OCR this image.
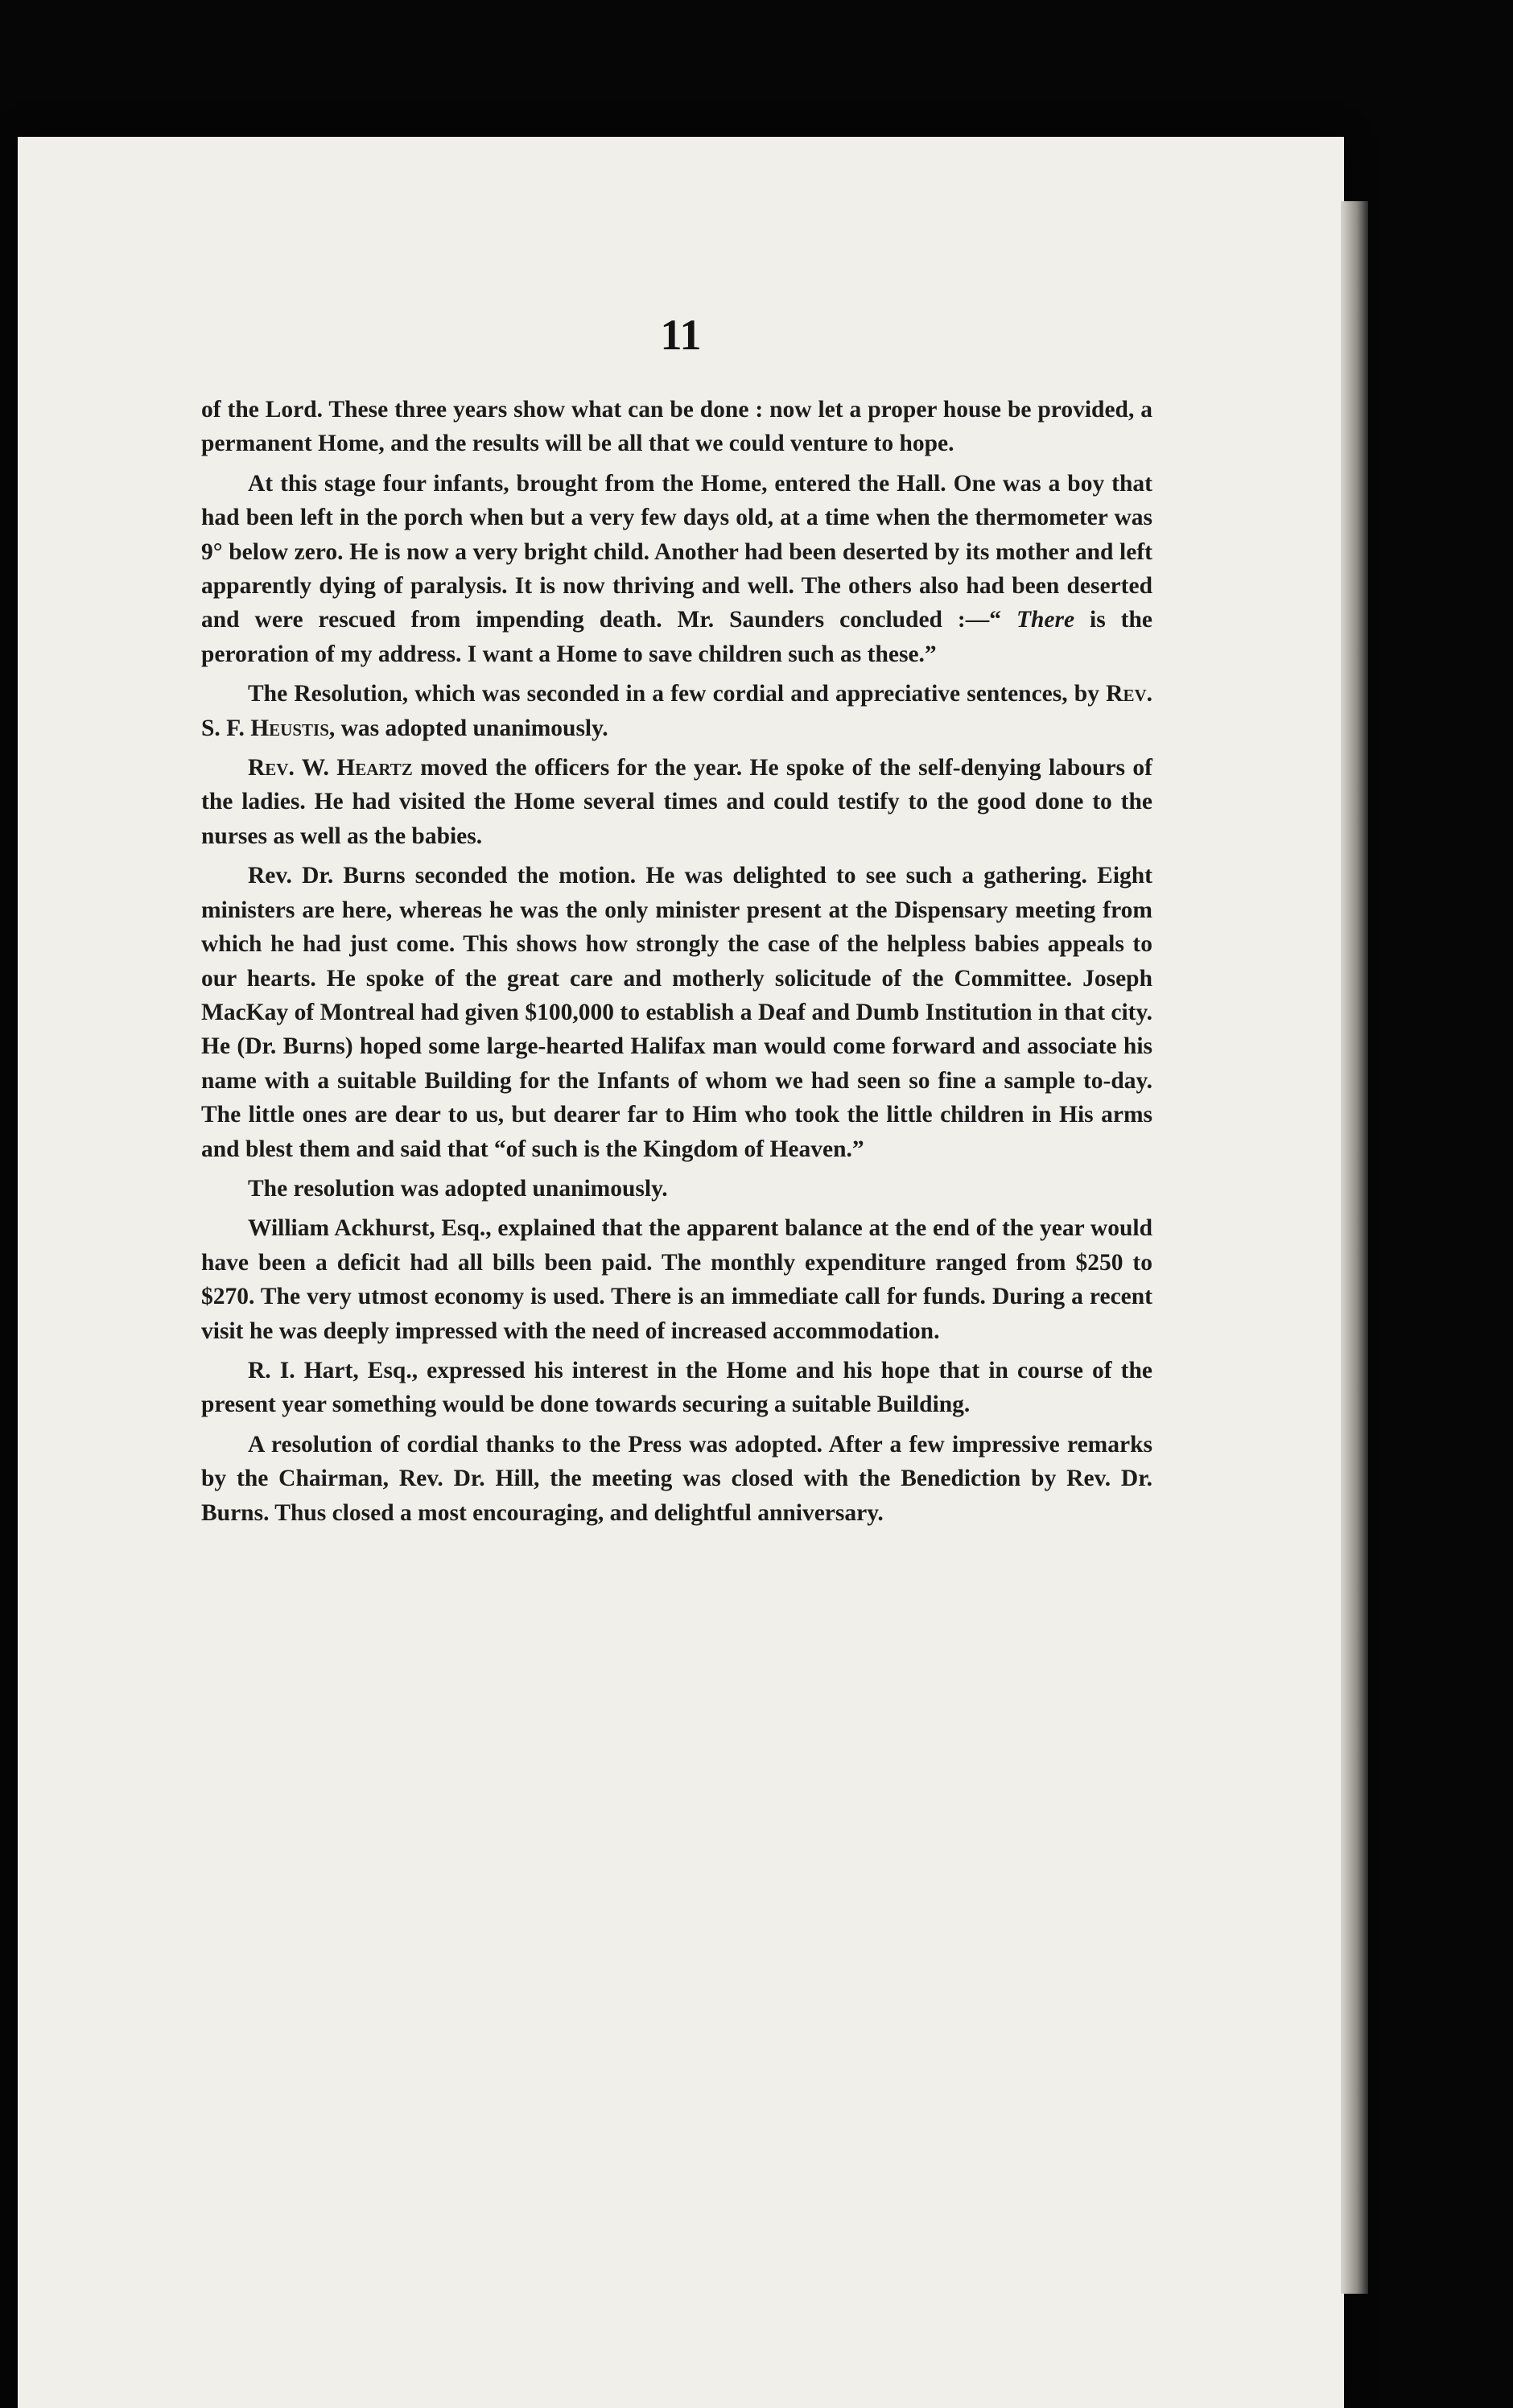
11

of the Lord. These three years show what can be done : now let a proper house be provided, a permanent Home, and the results will be all that we could venture to hope.

At this stage four infants, brought from the Home, entered the Hall. One was a boy that had been left in the porch when but a very few days old, at a time when the thermometer was 9° below zero. He is now a very bright child. Another had been deserted by its mother and left apparently dying of paralysis. It is now thriving and well. The others also had been deserted and were rescued from impending death. Mr. Saunders concluded :—“ There is the peroration of my address. I want a Home to save children such as these.”

The Resolution, which was seconded in a few cordial and appreciative sentences, by Rev. S. F. Heustis, was adopted unanimously.

Rev. W. Heartz moved the officers for the year. He spoke of the self-denying labours of the ladies. He had visited the Home several times and could testify to the good done to the nurses as well as the babies.

Rev. Dr. Burns seconded the motion. He was delighted to see such a gathering. Eight ministers are here, whereas he was the only minister present at the Dispensary meeting from which he had just come. This shows how strongly the case of the helpless babies appeals to our hearts. He spoke of the great care and motherly solicitude of the Committee. Joseph MacKay of Montreal had given $100,000 to establish a Deaf and Dumb Institution in that city. He (Dr. Burns) hoped some large-hearted Halifax man would come forward and associate his name with a suitable Building for the Infants of whom we had seen so fine a sample to-day. The little ones are dear to us, but dearer far to Him who took the little children in His arms and blest them and said that “of such is the Kingdom of Heaven.”

The resolution was adopted unanimously.

William Ackhurst, Esq., explained that the apparent balance at the end of the year would have been a deficit had all bills been paid. The monthly expenditure ranged from $250 to $270. The very utmost economy is used. There is an immediate call for funds. During a recent visit he was deeply impressed with the need of increased accommodation.

R. I. Hart, Esq., expressed his interest in the Home and his hope that in course of the present year something would be done towards securing a suitable Building.

A resolution of cordial thanks to the Press was adopted. After a few impressive remarks by the Chairman, Rev. Dr. Hill, the meeting was closed with the Benediction by Rev. Dr. Burns. Thus closed a most encouraging, and delightful anniversary.
